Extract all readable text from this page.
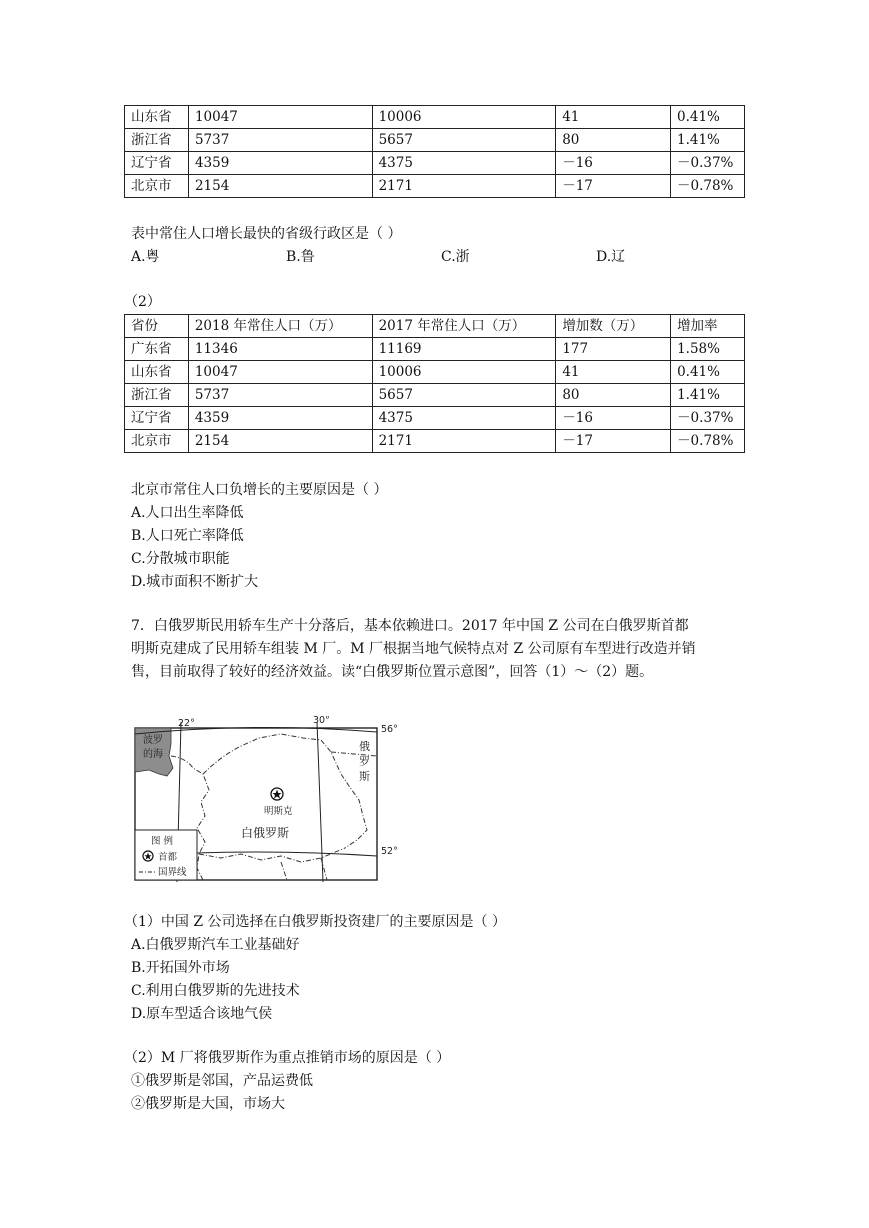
山东省	10047	10006	41	0.41%
浙江省	5737	5657	80	1.41%
辽宁省	4359	4375	－16	－0.37%
北京市	2154	2171	－17	－0.78%
表中常住人口增长最快的省级行政区是（ ）
A.粤	B.鲁	C.浙	D.辽
（2）
省份	2018 年常住人口（万）	2017 年常住人口（万）	增加数（万）	增加率
广东省	11346	11169	177	1.58%
山东省	10047	10006	41	0.41%
浙江省	5737	5657	80	1.41%
辽宁省	4359	4375	－16	－0.37%
北京市	2154	2171	－17	－0.78%
北京市常住人口负增长的主要原因是（ ）
A.人口出生率降低
B.人口死亡率降低
C.分散城市职能
D.城市面积不断扩大
7．白俄罗斯民用轿车生产十分落后，基本依赖进口。2017 年中国 Z 公司在白俄罗斯首都
明斯克建成了民用轿车组装 M 厂。M 厂根据当地气候特点对 Z 公司原有车型进行改造并销
售，目前取得了较好的经济效益。读“白俄罗斯位置示意图”，回答（1）～（2）题。
22°	30°
56°
52°
波罗
的海
俄
罗
斯
明斯克
白俄罗斯
图 例
首都
国界线
（1）中国 Z 公司选择在白俄罗斯投资建厂的主要原因是（ ）
A.白俄罗斯汽车工业基础好
B.开拓国外市场
C.利用白俄罗斯的先进技术
D.原车型适合该地气侯
（2）M 厂将俄罗斯作为重点推销市场的原因是（ ）
①俄罗斯是邻国，产品运费低
②俄罗斯是大国，市场大
